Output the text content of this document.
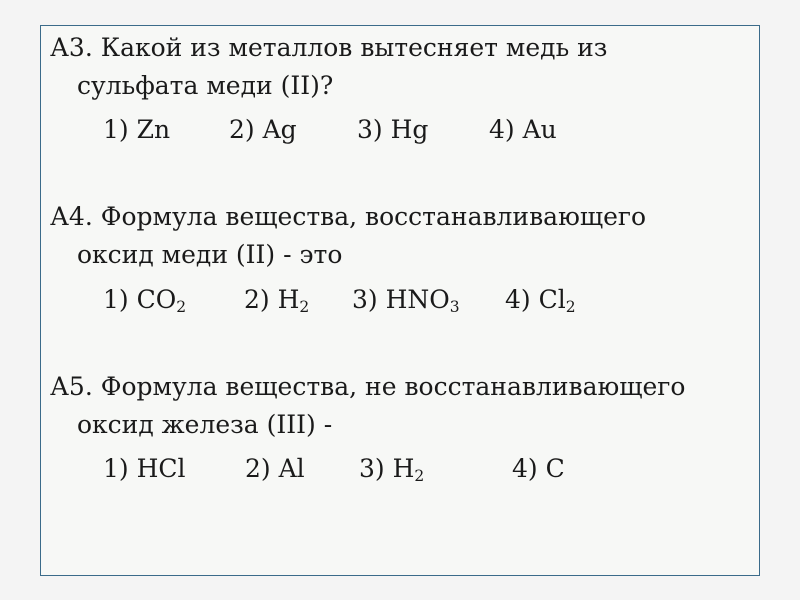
А3. Какой из металлов вытесняет медь из
сульфата меди (II)?
1) Zn 2) Ag 3) Hg 4) Au
А4. Формула вещества, восстанавливающего
оксид меди (II) - это
1) $CO_2$ 2) $H_2$ 3) $HNO_3$ 4) $Cl_2$
А5. Формула вещества, не восстанавливающего
оксид железа (III) -
1) HCl 2) Al 3) $H_2$	4) C
